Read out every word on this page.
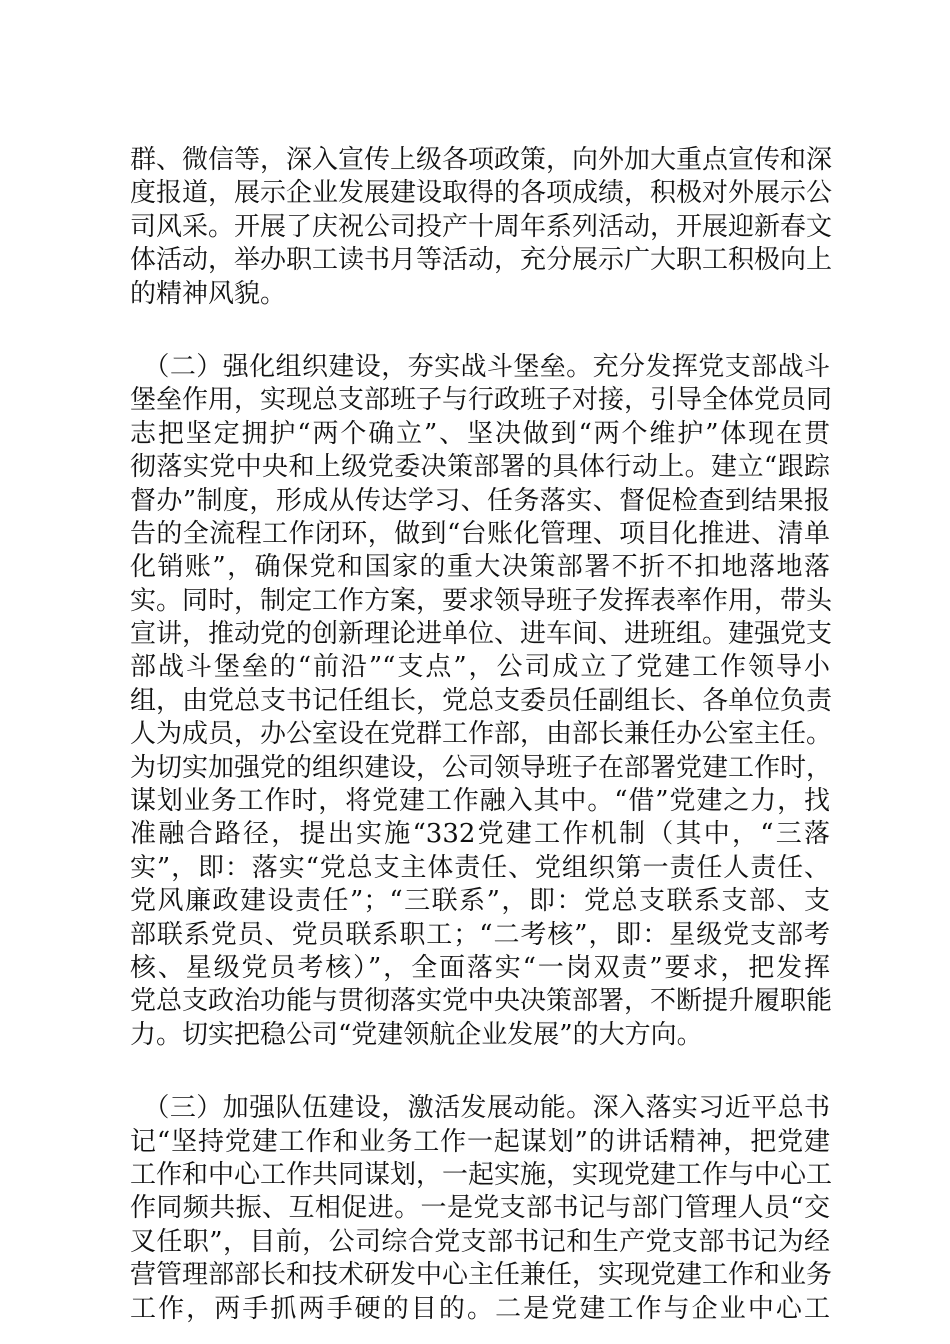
群、微信等，深入宣传上级各项政策，向外加大重点宣传和深
度报道，展示企业发展建设取得的各项成绩，积极对外展示公
司风采。开展了庆祝公司投产十周年系列活动，开展迎新春文
体活动，举办职工读书月等活动，充分展示广大职工积极向上
的精神风貌。
　（二）强化组织建设，夯实战斗堡垒。充分发挥党支部战斗
堡垒作用，实现总支部班子与行政班子对接，引导全体党员同
志把坚定拥护“两个确立”、坚决做到“两个维护”体现在贯
彻落实党中央和上级党委决策部署的具体行动上。建立“跟踪
督办”制度，形成从传达学习、任务落实、督促检查到结果报
告的全流程工作闭环，做到“台账化管理、项目化推进、清单
化销账”，确保党和国家的重大决策部署不折不扣地落地落
实。同时，制定工作方案，要求领导班子发挥表率作用，带头
宣讲，推动党的创新理论进单位、进车间、进班组。建强党支
部战斗堡垒的“前沿”“支点”，公司成立了党建工作领导小
组，由党总支书记任组长，党总支委员任副组长、各单位负责
人为成员，办公室设在党群工作部，由部长兼任办公室主任。
为切实加强党的组织建设，公司领导班子在部署党建工作时，
谋划业务工作时，将党建工作融入其中。“借”党建之力，找
准融合路径，提出实施“332党建工作机制（其中，“三落
实”，即：落实“党总支主体责任、党组织第一责任人责任、
党风廉政建设责任”；“三联系”，即：党总支联系支部、支
部联系党员、党员联系职工；“二考核”，即：星级党支部考
核、星级党员考核）”，全面落实“一岗双责”要求，把发挥
党总支政治功能与贯彻落实党中央决策部署，不断提升履职能
力。切实把稳公司“党建领航企业发展”的大方向。
　（三）加强队伍建设，激活发展动能。深入落实习近平总书
记“坚持党建工作和业务工作一起谋划”的讲话精神，把党建
工作和中心工作共同谋划，一起实施，实现党建工作与中心工
作同频共振、互相促进。一是党支部书记与部门管理人员“交
叉任职”，目前，公司综合党支部书记和生产党支部书记为经
营管理部部长和技术研发中心主任兼任，实现党建工作和业务
工作，两手抓两手硬的目的。二是党建工作与企业中心工
